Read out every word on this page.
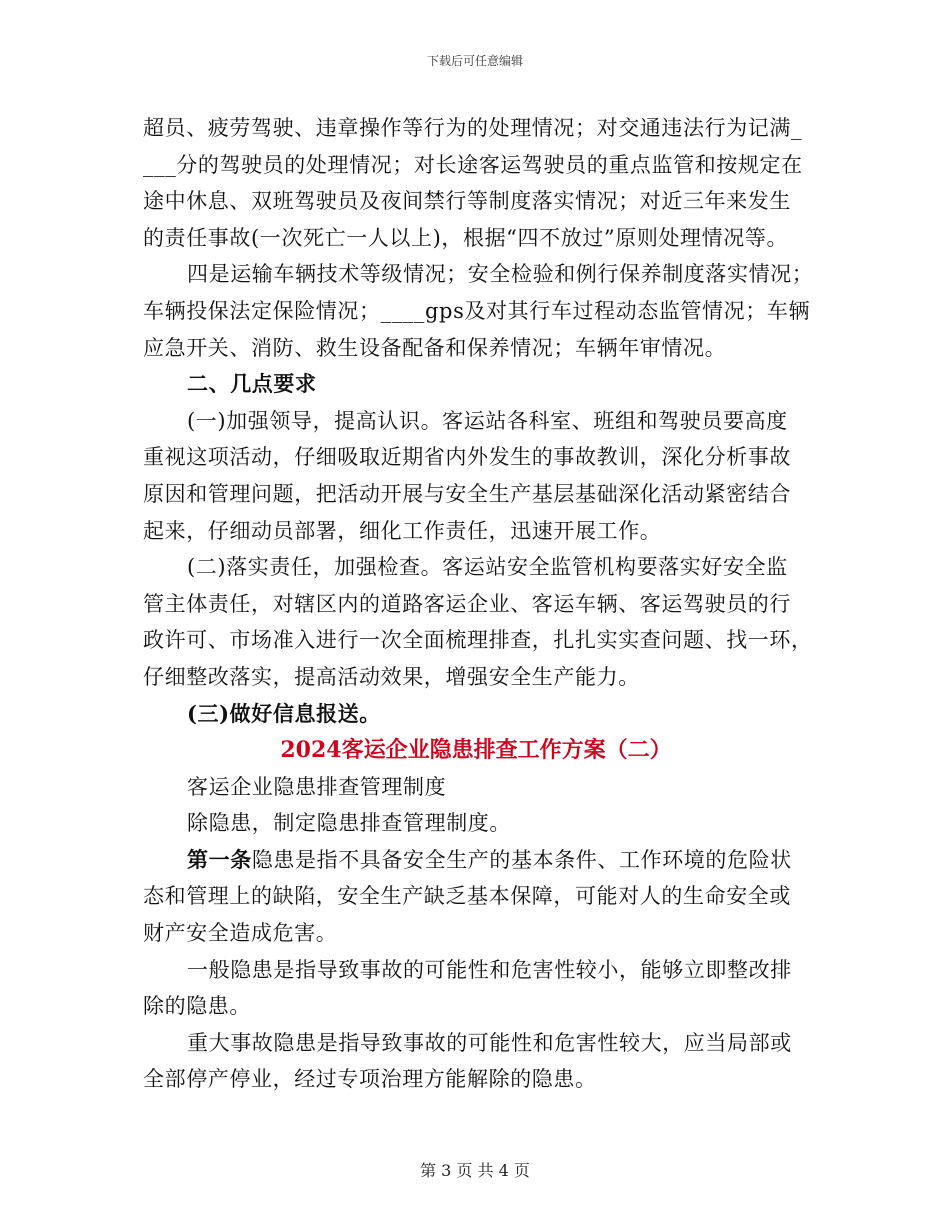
下载后可任意编辑
超员、疲劳驾驶、违章操作等行为的处理情况；对交通违法行为记满_
___分的驾驶员的处理情况；对长途客运驾驶员的重点监管和按规定在
途中休息、双班驾驶员及夜间禁行等制度落实情况；对近三年来发生
的责任事故(一次死亡一人以上)，根据“四不放过”原则处理情况等。
四是运输车辆技术等级情况；安全检验和例行保养制度落实情况；
车辆投保法定保险情况；____gps及对其行车过程动态监管情况；车辆
应急开关、消防、救生设备配备和保养情况；车辆年审情况。
二、几点要求
(一)加强领导，提高认识。客运站各科室、班组和驾驶员要高度
重视这项活动，仔细吸取近期省内外发生的事故教训，深化分析事故
原因和管理问题，把活动开展与安全生产基层基础深化活动紧密结合
起来，仔细动员部署，细化工作责任，迅速开展工作。
(二)落实责任，加强检查。客运站安全监管机构要落实好安全监
管主体责任，对辖区内的道路客运企业、客运车辆、客运驾驶员的行
政许可、市场准入进行一次全面梳理排查，扎扎实实查问题、找一环，
仔细整改落实，提高活动效果，增强安全生产能力。
(三)做好信息报送。
2024客运企业隐患排查工作方案（二）
客运企业隐患排查管理制度
除隐患，制定隐患排查管理制度。
第一条隐患是指不具备安全生产的基本条件、工作环境的危险状
态和管理上的缺陷，安全生产缺乏基本保障，可能对人的生命安全或
财产安全造成危害。
一般隐患是指导致事故的可能性和危害性较小，能够立即整改排
除的隐患。
重大事故隐患是指导致事故的可能性和危害性较大，应当局部或
全部停产停业，经过专项治理方能解除的隐患。
第 3 页 共 4 页
